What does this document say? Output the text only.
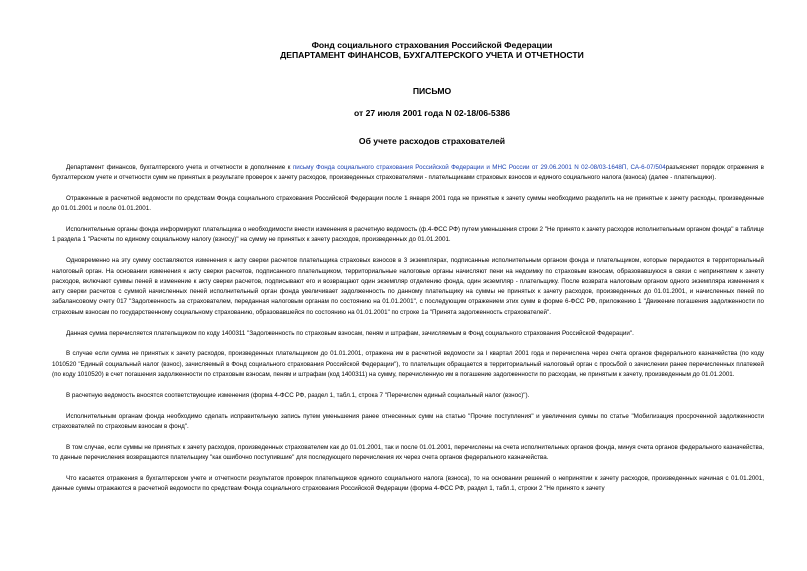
Фонд социального страхования Российской Федерации
ДЕПАРТАМЕНТ ФИНАНСОВ, БУХГАЛТЕРСКОГО УЧЕТА И ОТЧЕТНОСТИ
ПИСЬМО
от 27 июля 2001 года N 02-18/06-5386
Об учете расходов страхователей

Департамент финансов, бухгалтерского учета и отчетности в дополнение к письму Фонда социального страхования Российской Федерации и МНС России от 29.06.2001 N 02-08/03-1648П, СА-6-07/504разъясняет порядок отражения в бухгалтерском учете и отчетности сумм не принятых в результате проверок к зачету расходов, произведенных страхователями - плательщиками страховых взносов и единого социального налога (взноса) (далее - плательщики).

Отраженные в расчетной ведомости по средствам Фонда социального страхования Российской Федерации после 1 января 2001 года не принятые к зачету суммы необходимо разделить на не принятые к зачету расходы, произведенные до 01.01.2001 и после 01.01.2001.

Исполнительные органы фонда информируют плательщика о необходимости внести изменения в расчетную ведомость (ф.4-ФСС РФ) путем уменьшения строки 2 "Не принято к зачету расходов исполнительным органом фонда" в таблице 1 раздела 1 "Расчеты по единому социальному налогу (взносу)" на сумму не принятых к зачету расходов, произведенных до 01.01.2001.

Одновременно на эту сумму составляются изменения к акту сверки расчетов плательщика страховых взносов в 3 экземплярах, подписанные исполнительным органом фонда и плательщиком, которые передаются в территориальный налоговый орган. На основании изменения к акту сверки расчетов, подписанного плательщиком, территориальные налоговые органы начисляют пени на недоимку по страховым взносам, образовавшуюся в связи с непринятием к зачету расходов, включают суммы пеней в изменение к акту сверки расчетов, подписывают его и возвращают один экземпляр отделению фонда, один экземпляр - плательщику. После возврата налоговым органом одного экземпляра изменения к акту сверки расчетов с суммой начисленных пеней исполнительный орган фонда увеличивает задолженность по данному плательщику на суммы не принятых к зачету расходов, произведенных до 01.01.2001, и начисленных пеней по забалансовому счету 017 "Задолженность за страхователем, переданная налоговым органам по состоянию на 01.01.2001", с последующим отражением этих сумм в форме 6-ФСС РФ, приложению 1 "Движение погашения задолженности по страховым взносам по государственному социальному страхованию, образовавшейся по состоянию на 01.01.2001" по строке 1а "Принята задолженность страхователей".

Данная сумма перечисляется плательщиком по коду 1400311 "Задолженность по страховым взносам, пеням и штрафам, зачисляемым в Фонд социального страхования Российской Федерации".

В случае если сумма не принятых к зачету расходов, произведенных плательщиком до 01.01.2001, отражена им в расчетной ведомости за I квартал 2001 года и перечислена через счета органов федерального казначейства (по коду 1010520 "Единый социальный налог (взнос), зачисляемый в Фонд социального страхования Российской Федерации"), то плательщик обращается в территориальный налоговый орган с просьбой о зачислении ранее перечисленных платежей (по коду 1010520) в счет погашения задолженности по страховым взносам, пеням и штрафам (код 1400311) на сумму, перечисленную им в погашение задолженности по расходам, не принятым к зачету, произведенным до 01.01.2001.

В расчетную ведомость вносятся соответствующие изменения (форма 4-ФСС РФ, раздел 1, табл.1, строка 7 "Перечислен единый социальный налог (взнос)").

Исполнительным органам фонда необходимо сделать исправительную запись путем уменьшения ранее отнесенных сумм на статью "Прочие поступления" и увеличения суммы по статье "Мобилизация просроченной задолженности страхователей по страховым взносам в фонд".

В том случае, если суммы не принятых к зачету расходов, произведенных страхователем как до 01.01.2001, так и после 01.01.2001, перечислены на счета исполнительных органов фонда, минуя счета органов федерального казначейства, то данные перечисления возвращаются плательщику "как ошибочно поступившие" для последующего перечисления их через счета органов федерального казначейства.

Что касается отражения в бухгалтерском учете и отчетности результатов проверок плательщиков единого социального налога (взноса), то на основании решений о непринятии к зачету расходов, произведенных начиная с 01.01.2001, данные суммы отражаются в расчетной ведомости по средствам Фонда социального страхования Российской Федерации (форма 4-ФСС РФ, раздел 1, табл.1, строки 2 "Не принято к зачету
